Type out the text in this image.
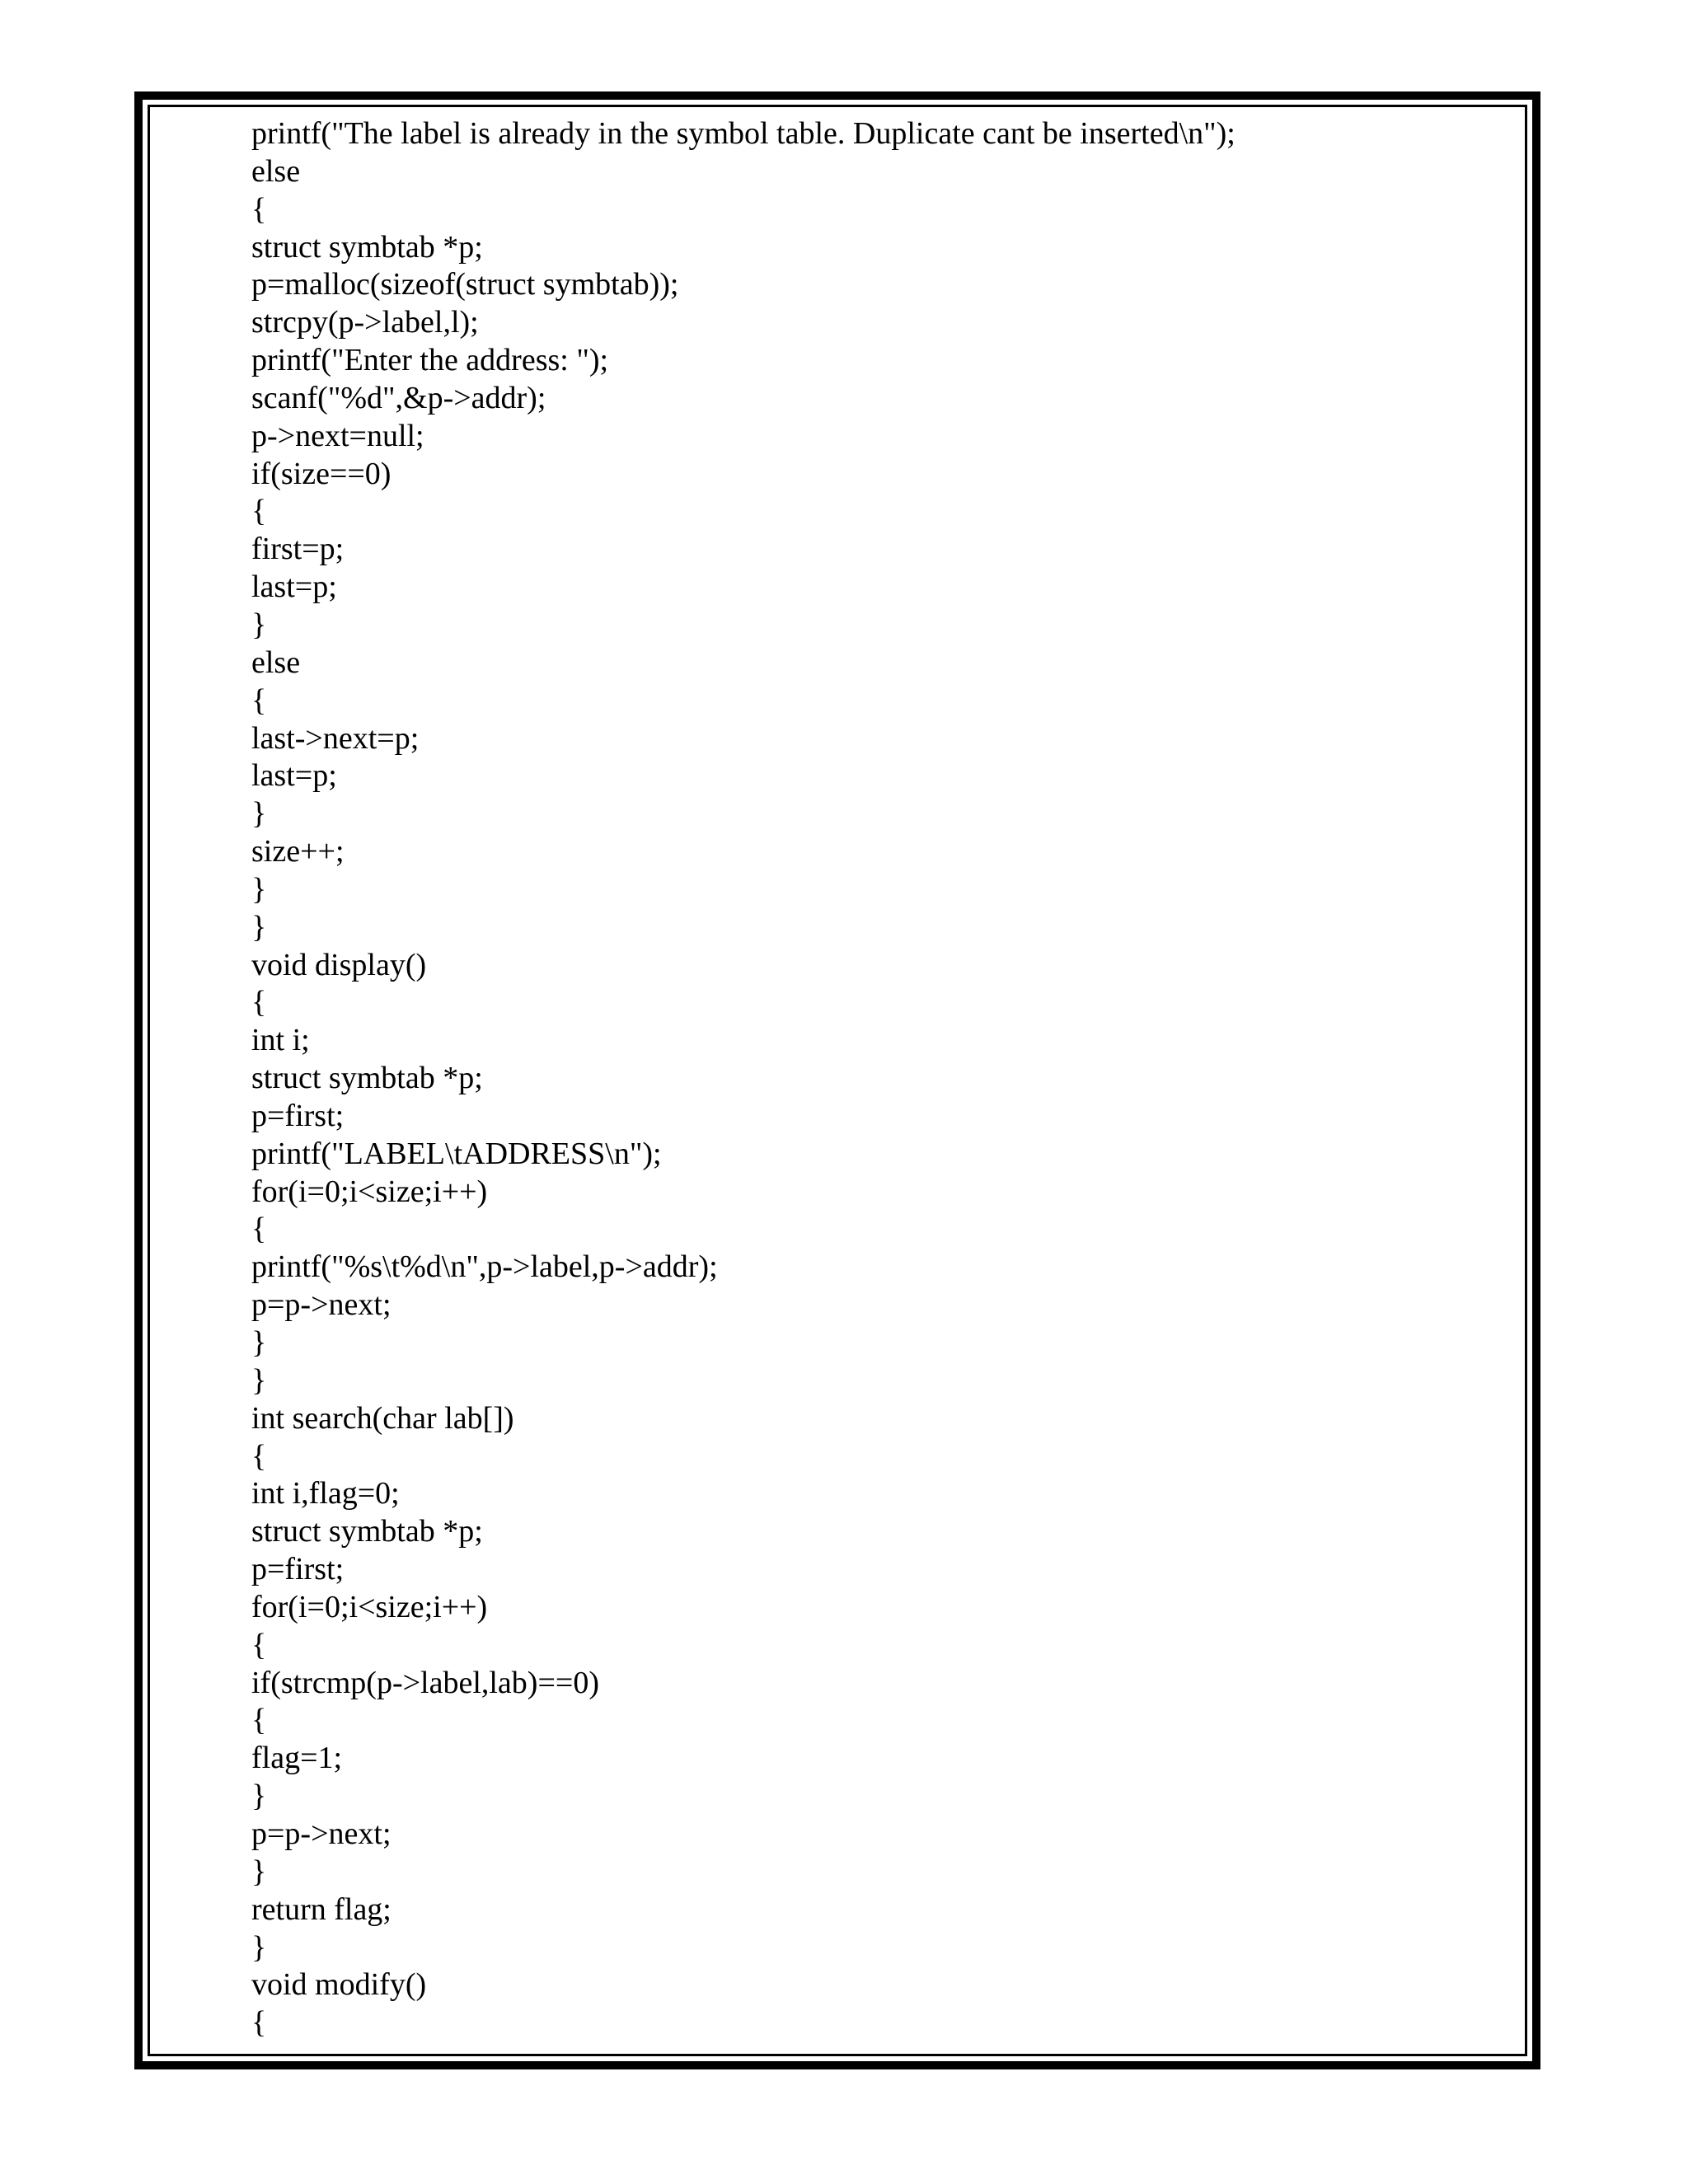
printf("The label is already in the symbol table. Duplicate cant be inserted\n");
else
{
struct symbtab *p;
p=malloc(sizeof(struct symbtab));
strcpy(p->label,l);
printf("Enter the address: ");
scanf("%d",&p->addr);
p->next=null;
if(size==0)
{
first=p;
last=p;
}
else
{
last->next=p;
last=p;
}
size++;
}
}
void display()
{
int i;
struct symbtab *p;
p=first;
printf("LABEL\tADDRESS\n");
for(i=0;i<size;i++)
{
printf("%s\t%d\n",p->label,p->addr);
p=p->next;
}
}
int search(char lab[])
{
int i,flag=0;
struct symbtab *p;
p=first;
for(i=0;i<size;i++)
{
if(strcmp(p->label,lab)==0)
{
flag=1;
}
p=p->next;
}
return flag;
}
void modify()
{
